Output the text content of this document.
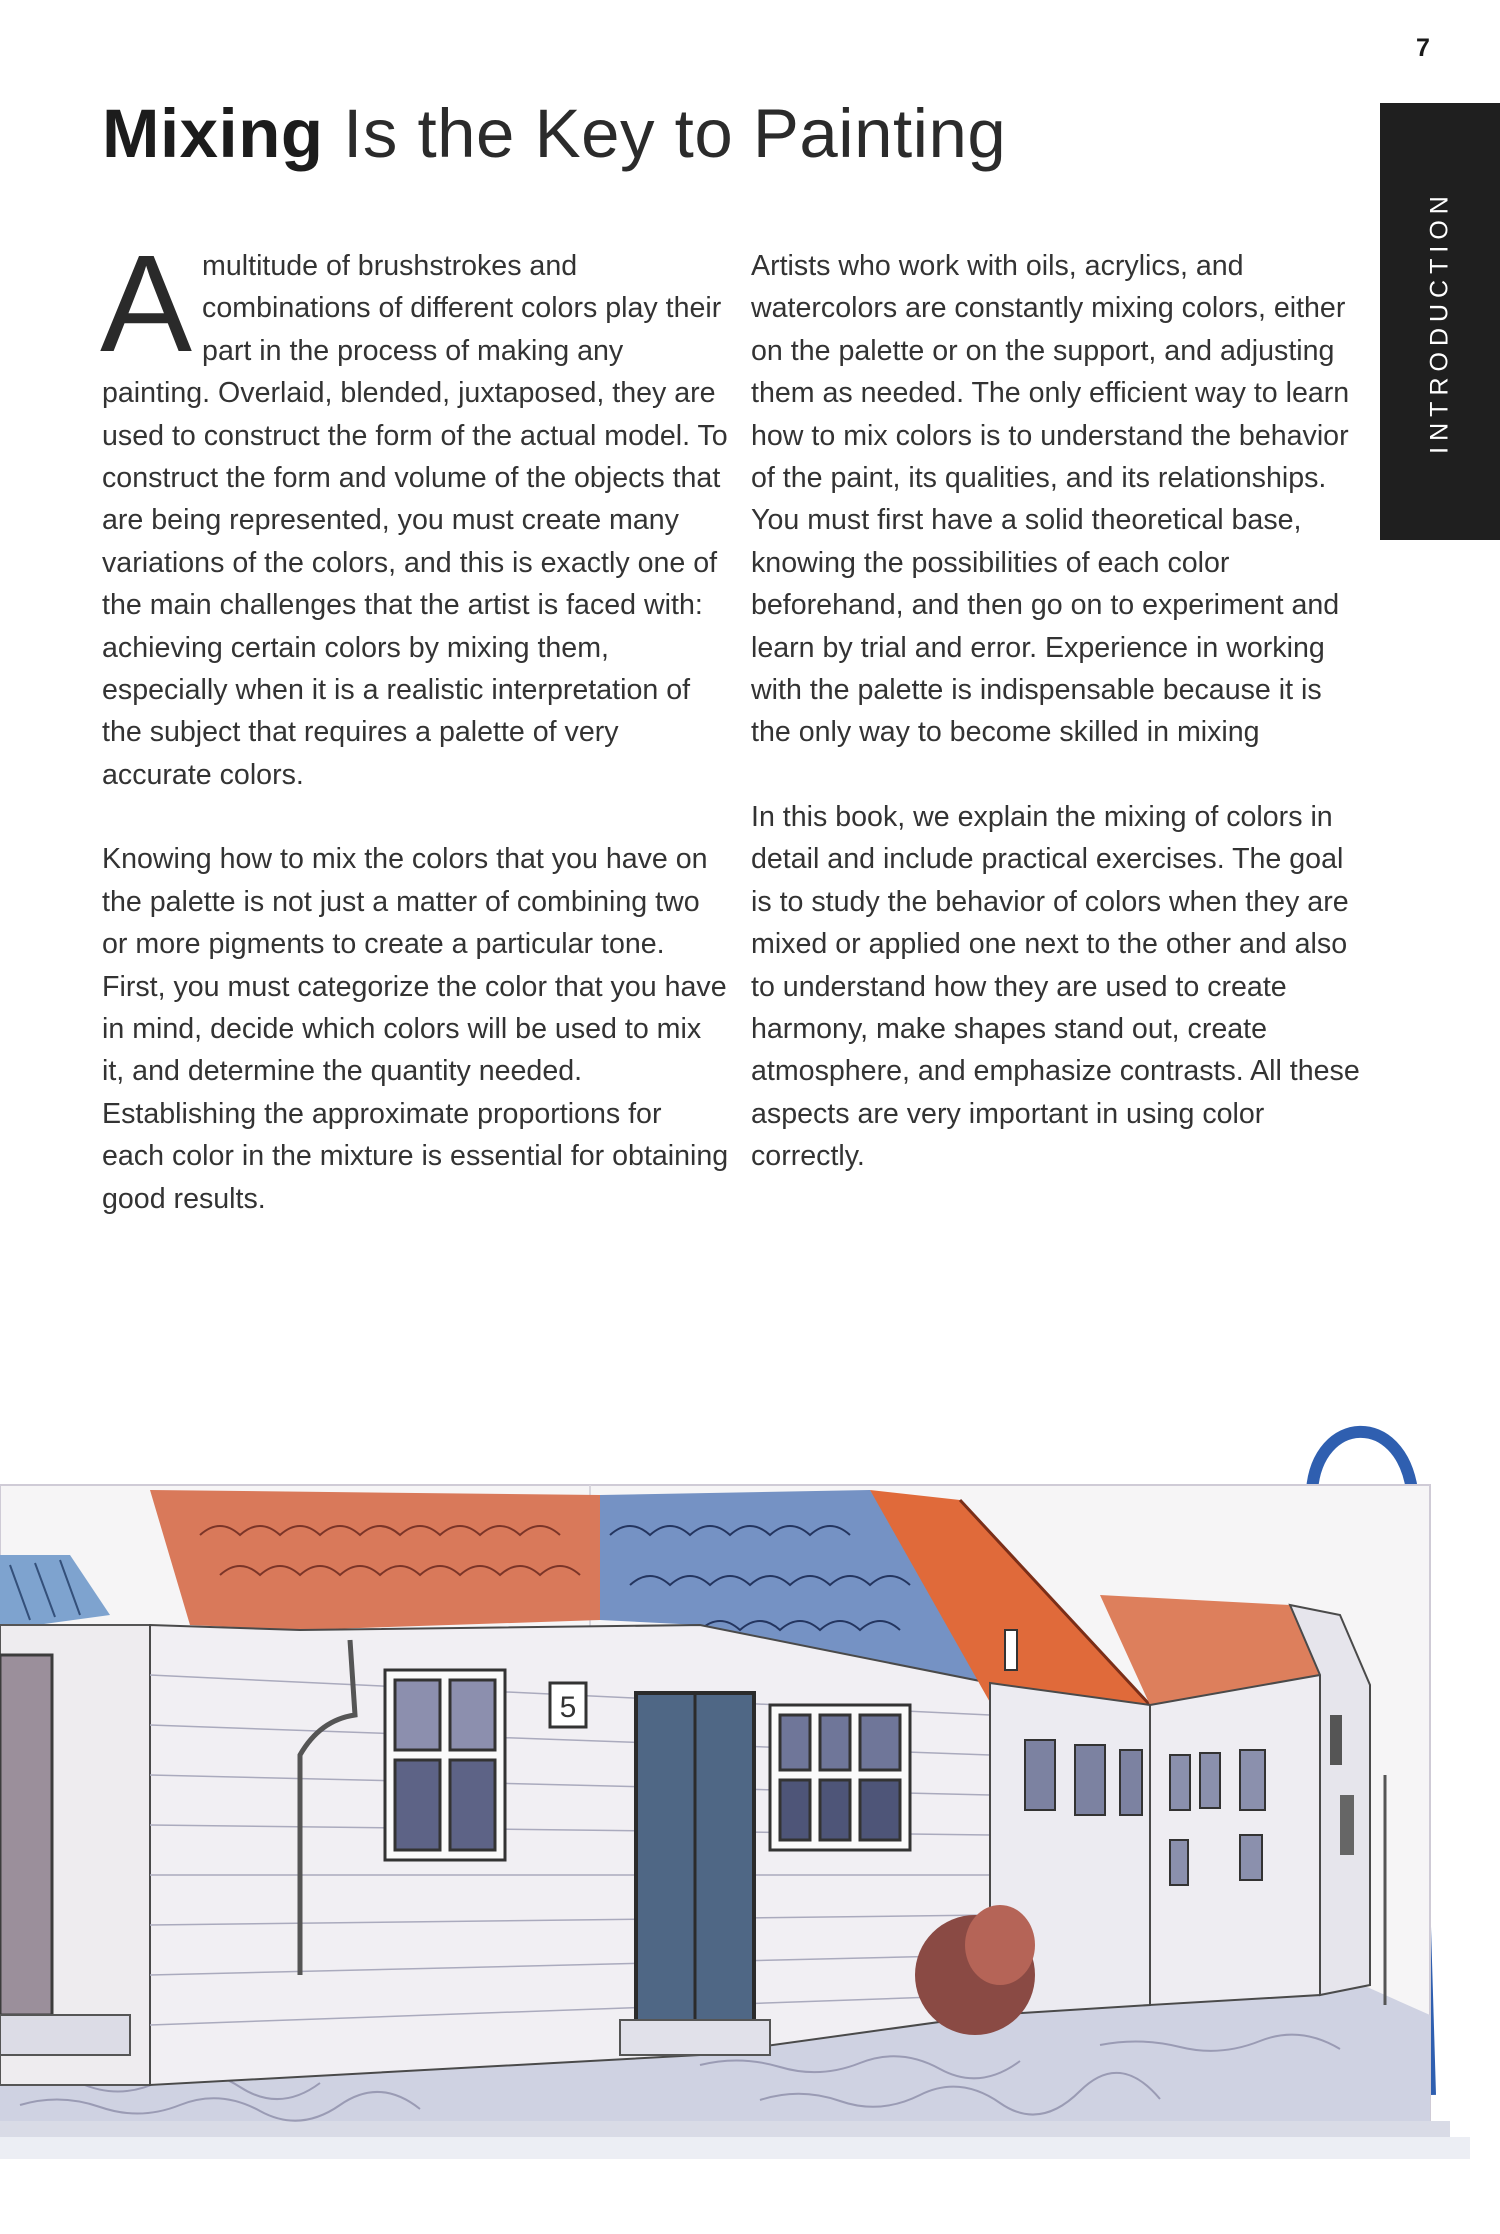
7
INTRODUCTION
Mixing Is the Key to Painting

Amultitude of brushstrokes and combinations of different colors play their part in the process of making any painting. Overlaid, blended, juxtaposed, they are used to construct the form of the actual model. To construct the form and volume of the objects that are being represented, you must create many variations of the colors, and this is exactly one of the main challenges that the artist is faced with: achieving certain colors by mixing them, especially when it is a realistic interpretation of the subject that requires a palette of very accurate colors.

Knowing how to mix the colors that you have on the palette is not just a matter of combining two or more pigments to create a particular tone. First, you must categorize the color that you have in mind, decide which colors will be used to mix it, and determine the quantity needed. Establishing the approximate proportions for each color in the mixture is essential for obtaining good results.

Artists who work with oils, acrylics, and watercolors are constantly mixing colors, either on the palette or on the support, and adjusting them as needed. The only efficient way to learn how to mix colors is to understand the behavior of the paint, its qualities, and its relationships. You must first have a solid theoretical base, knowing the possibilities of each color beforehand, and then go on to experiment and learn by trial and error. Experience in working with the palette is indispensable because it is the only way to become skilled in mixing

In this book, we explain the mixing of colors in detail and include practical exercises. The goal is to study the behavior of colors when they are mixed or applied one next to the other and also to understand how they are used to create harmony, make shapes stand out, create atmosphere, and emphasize contrasts. All these aspects are very important in using color correctly.

5
